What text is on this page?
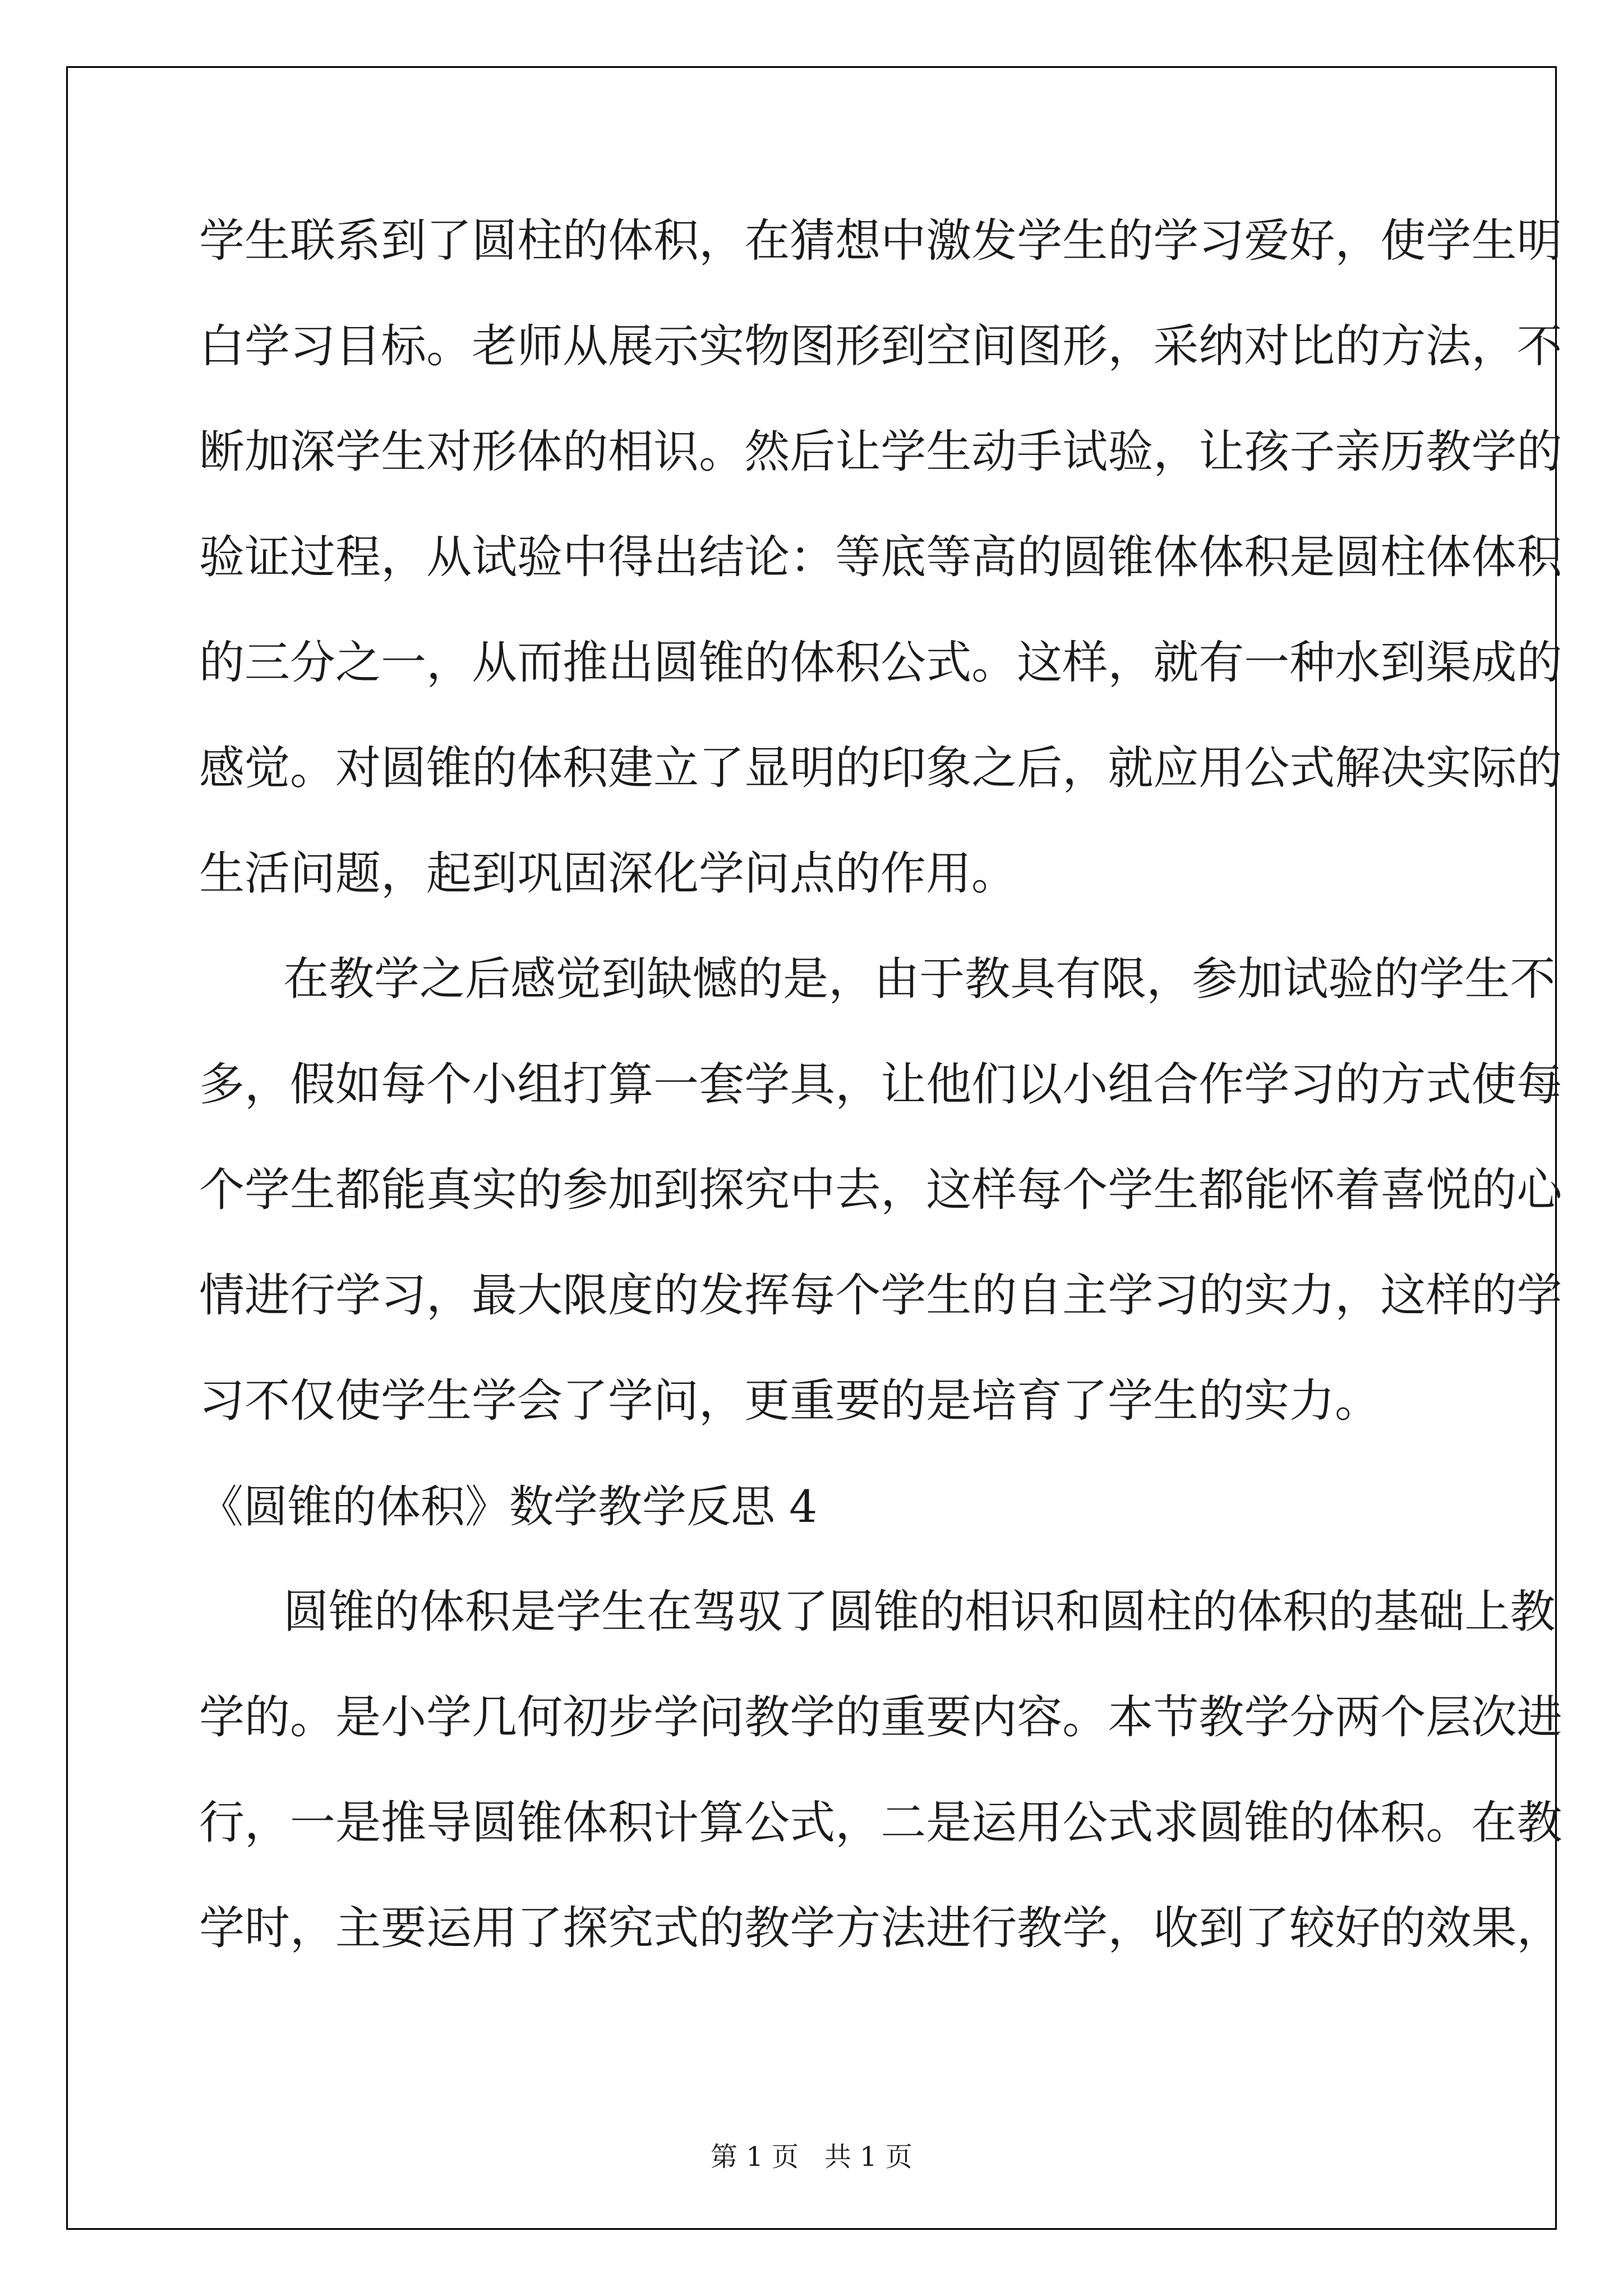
学 生 联 系 到 了 圆 柱 的 体 积 ， 在 猜 想 中 激 发 学 生 的 学 习 爱 好 ， 使 学 生 明
白 学 习 目 标 。 老 师 从 展 示 实 物 图 形 到 空 间 图 形 ， 采 纳 对 比 的 方 法 ， 不
断 加 深 学 生 对 形 体 的 相 识 。 然 后 让 学 生 动 手 试 验 ， 让 孩 子 亲 历 教 学 的
验 证 过 程 ， 从 试 验 中 得 出 结 论 ： 等 底 等 高 的 圆 锥 体 体 积 是 圆 柱 体 体 积
的 三 分 之 一 ， 从 而 推 出 圆 锥 的 体 积 公 式 。 这 样 ， 就 有 一 种 水 到 渠 成 的
感 觉 。 对 圆 锥 的 体 积 建 立 了 显 明 的 印 象 之 后 ， 就 应 用 公 式 解 决 实 际 的
生活问题，起到巩固深化学问点的作用。
在 教 学 之 后 感 觉 到 缺 憾 的 是 ， 由 于 教 具 有 限 ， 参 加 试 验 的 学 生 不
多 ， 假 如 每 个 小 组 打 算 一 套 学 具 ， 让 他 们 以 小 组 合 作 学 习 的 方 式 使 每
个 学 生 都 能 真 实 的 参 加 到 探 究 中 去 ， 这 样 每 个 学 生 都 能 怀 着 喜 悦 的 心
情 进 行 学 习 ， 最 大 限 度 的 发 挥 每 个 学 生 的 自 主 学 习 的 实 力 ， 这 样 的 学
习不仅使学生学会了学问，更重要的是培育了学生的实力。
《圆锥的体积》数学教学反思 4
圆 锥 的 体 积 是 学 生 在 驾 驭 了 圆 锥 的 相 识 和 圆 柱 的 体 积 的 基 础 上 教
学 的 。 是 小 学 几 何 初 步 学 问 教 学 的 重 要 内 容 。 本 节 教 学 分 两 个 层 次 进
行 ， 一 是 推 导 圆 锥 体 积 计 算 公 式 ， 二 是 运 用 公 式 求 圆 锥 的 体 积 。 在 教
学 时 ， 主 要 运 用 了 探 究 式 的 教 学 方 法 进 行 教 学 ， 收 到 了 较 好 的 效 果 ，
第 1 页   共 1 页
